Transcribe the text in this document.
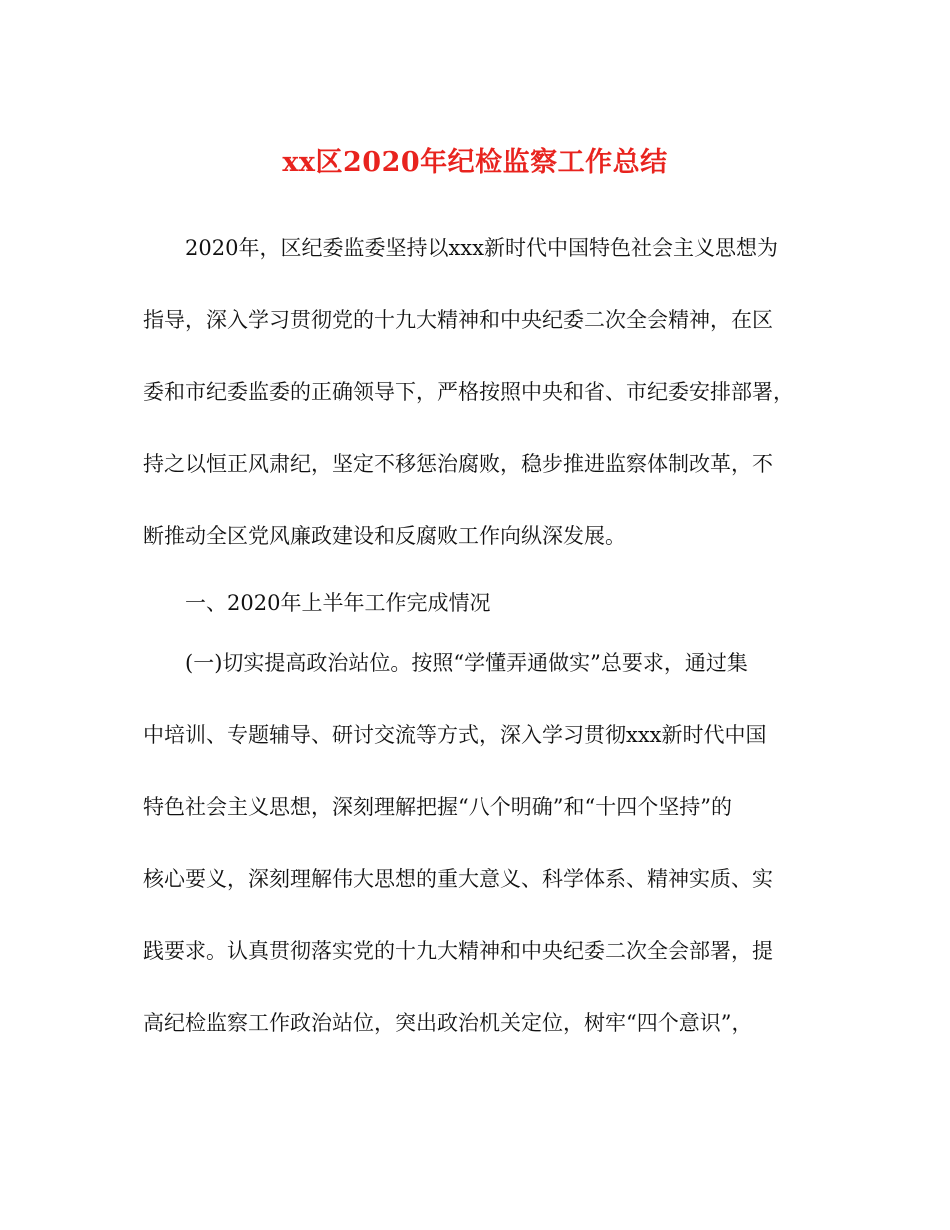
xx区2020年纪检监察工作总结
2020年，区纪委监委坚持以xxx新时代中国特色社会主义思想为
指导，深入学习贯彻党的十九大精神和中央纪委二次全会精神，在区
委和市纪委监委的正确领导下，严格按照中央和省、市纪委安排部署，
持之以恒正风肃纪，坚定不移惩治腐败，稳步推进监察体制改革，不
断推动全区党风廉政建设和反腐败工作向纵深发展。
一、2020年上半年工作完成情况
(一)切实提高政治站位。按照“学懂弄通做实”总要求，通过集
中培训、专题辅导、研讨交流等方式，深入学习贯彻xxx新时代中国
特色社会主义思想，深刻理解把握“八个明确”和“十四个坚持”的
核心要义，深刻理解伟大思想的重大意义、科学体系、精神实质、实
践要求。认真贯彻落实党的十九大精神和中央纪委二次全会部署，提
高纪检监察工作政治站位，突出政治机关定位，树牢“四个意识”，
